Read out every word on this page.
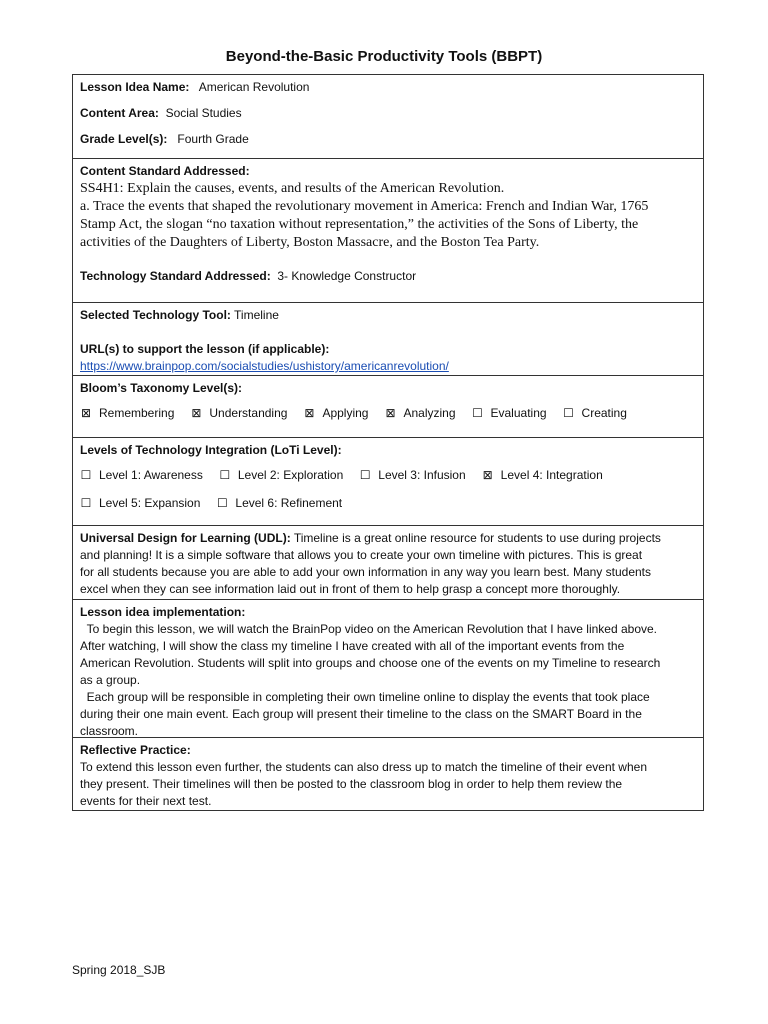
Beyond-the-Basic Productivity Tools (BBPT)
Lesson Idea Name: American Revolution
Content Area: Social Studies
Grade Level(s): Fourth Grade
Content Standard Addressed:
SS4H1: Explain the causes, events, and results of the American Revolution.
a. Trace the events that shaped the revolutionary movement in America: French and Indian War, 1765
Stamp Act, the slogan “no taxation without representation,” the activities of the Sons of Liberty, the
activities of the Daughters of Liberty, Boston Massacre, and the Boston Tea Party.
Technology Standard Addressed: 3- Knowledge Constructor
Selected Technology Tool: Timeline
URL(s) to support the lesson (if applicable):
https://www.brainpop.com/socialstudies/ushistory/americanrevolution/
Bloom’s Taxonomy Level(s):
⊠ Remembering ⊠ Understanding ⊠ Applying ⊠ Analyzing ☐ Evaluating ☐ Creating
Levels of Technology Integration (LoTi Level):
☐ Level 1: Awareness ☐ Level 2: Exploration ☐ Level 3: Infusion ⊠ Level 4: Integration
☐ Level 5: Expansion ☐ Level 6: Refinement
Universal Design for Learning (UDL): Timeline is a great online resource for students to use during projects
and planning! It is a simple software that allows you to create your own timeline with pictures. This is great
for all students because you are able to add your own information in any way you learn best. Many students
excel when they can see information laid out in front of them to help grasp a concept more thoroughly.
Lesson idea implementation:
To begin this lesson, we will watch the BrainPop video on the American Revolution that I have linked above.
After watching, I will show the class my timeline I have created with all of the important events from the
American Revolution. Students will split into groups and choose one of the events on my Timeline to research
as a group.
Each group will be responsible in completing their own timeline online to display the events that took place
during their one main event. Each group will present their timeline to the class on the SMART Board in the
classroom.
Reflective Practice:
To extend this lesson even further, the students can also dress up to match the timeline of their event when
they present. Their timelines will then be posted to the classroom blog in order to help them review the
events for their next test.
Spring 2018_SJB
